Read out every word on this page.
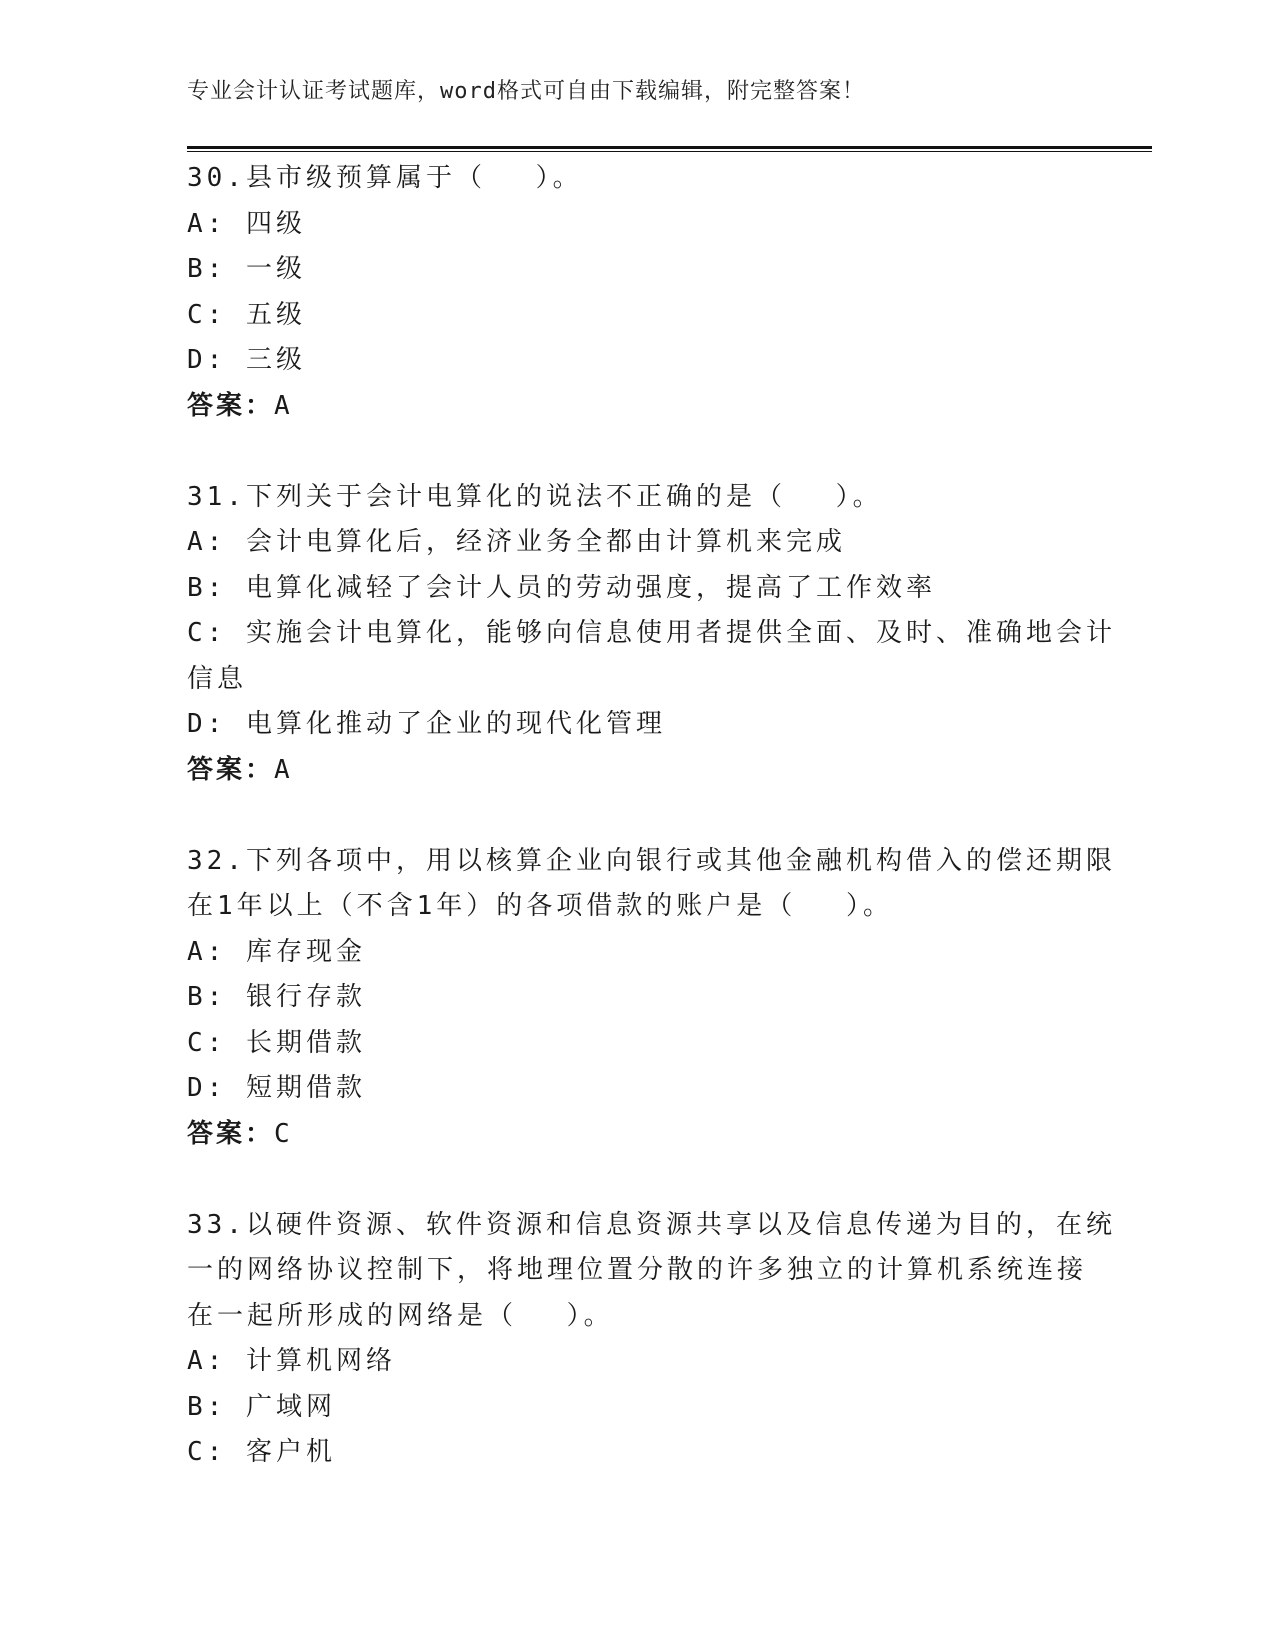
专业会计认证考试题库，word格式可自由下载编辑，附完整答案！
30.县市级预算属于（　 ）。
A: 四级
B: 一级
C: 五级
D: 三级
答案：A
31.下列关于会计电算化的说法不正确的是（　 ）。
A: 会计电算化后，经济业务全都由计算机来完成
B: 电算化减轻了会计人员的劳动强度，提高了工作效率
C: 实施会计电算化，能够向信息使用者提供全面、及时、准确地会计
信息
D: 电算化推动了企业的现代化管理
答案：A
32.下列各项中，用以核算企业向银行或其他金融机构借入的偿还期限
在1年以上（不含1年）的各项借款的账户是（　 ）。
A: 库存现金
B: 银行存款
C: 长期借款
D: 短期借款
答案：C
33.以硬件资源、软件资源和信息资源共享以及信息传递为目的，在统
一的网络协议控制下，将地理位置分散的许多独立的计算机系统连接
在一起所形成的网络是（　 ）。
A: 计算机网络
B: 广域网
C: 客户机
